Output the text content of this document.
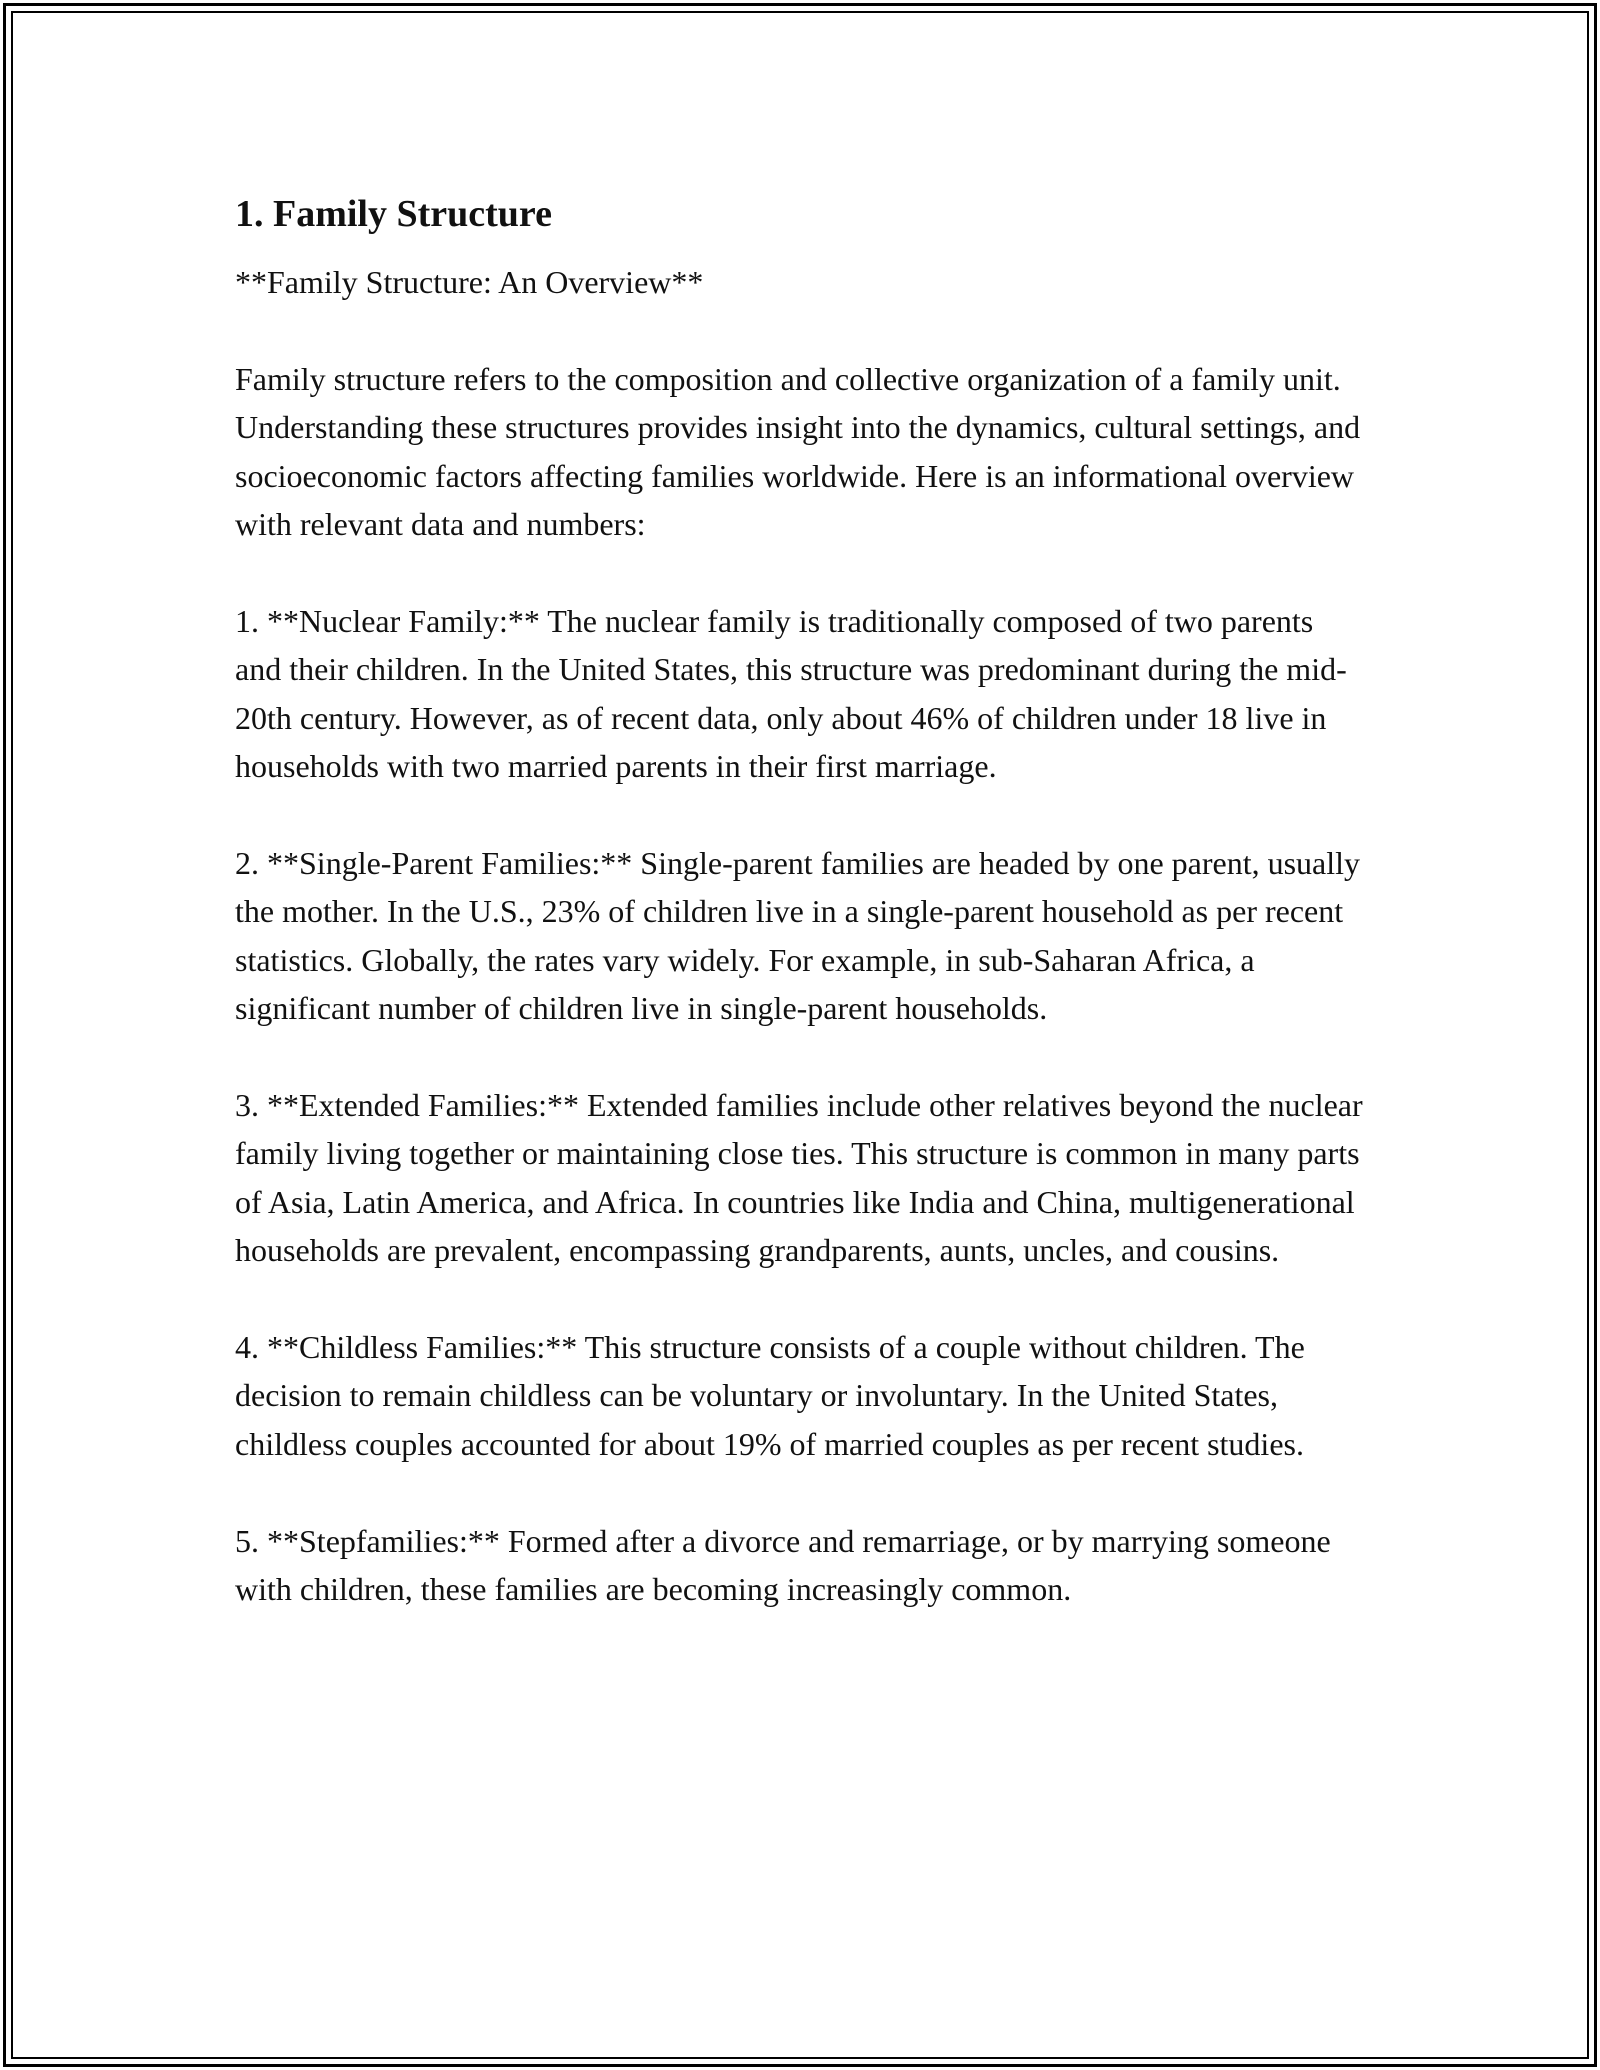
1. Family Structure

**Family Structure: An Overview**

Family structure refers to the composition and collective organization of a family unit. Understanding these structures provides insight into the dynamics, cultural settings, and socioeconomic factors affecting families worldwide. Here is an informational overview with relevant data and numbers:

1. **Nuclear Family:** The nuclear family is traditionally composed of two parents and their children. In the United States, this structure was predominant during the mid-20th century. However, as of recent data, only about 46% of children under 18 live in households with two married parents in their first marriage.

2. **Single-Parent Families:** Single-parent families are headed by one parent, usually the mother. In the U.S., 23% of children live in a single-parent household as per recent statistics. Globally, the rates vary widely. For example, in sub-Saharan Africa, a significant number of children live in single-parent households.

3. **Extended Families:** Extended families include other relatives beyond the nuclear family living together or maintaining close ties. This structure is common in many parts of Asia, Latin America, and Africa. In countries like India and China, multigenerational households are prevalent, encompassing grandparents, aunts, uncles, and cousins.

4. **Childless Families:** This structure consists of a couple without children. The decision to remain childless can be voluntary or involuntary. In the United States, childless couples accounted for about 19% of married couples as per recent studies.

5. **Stepfamilies:** Formed after a divorce and remarriage, or by marrying someone with children, these families are becoming increasingly common.
